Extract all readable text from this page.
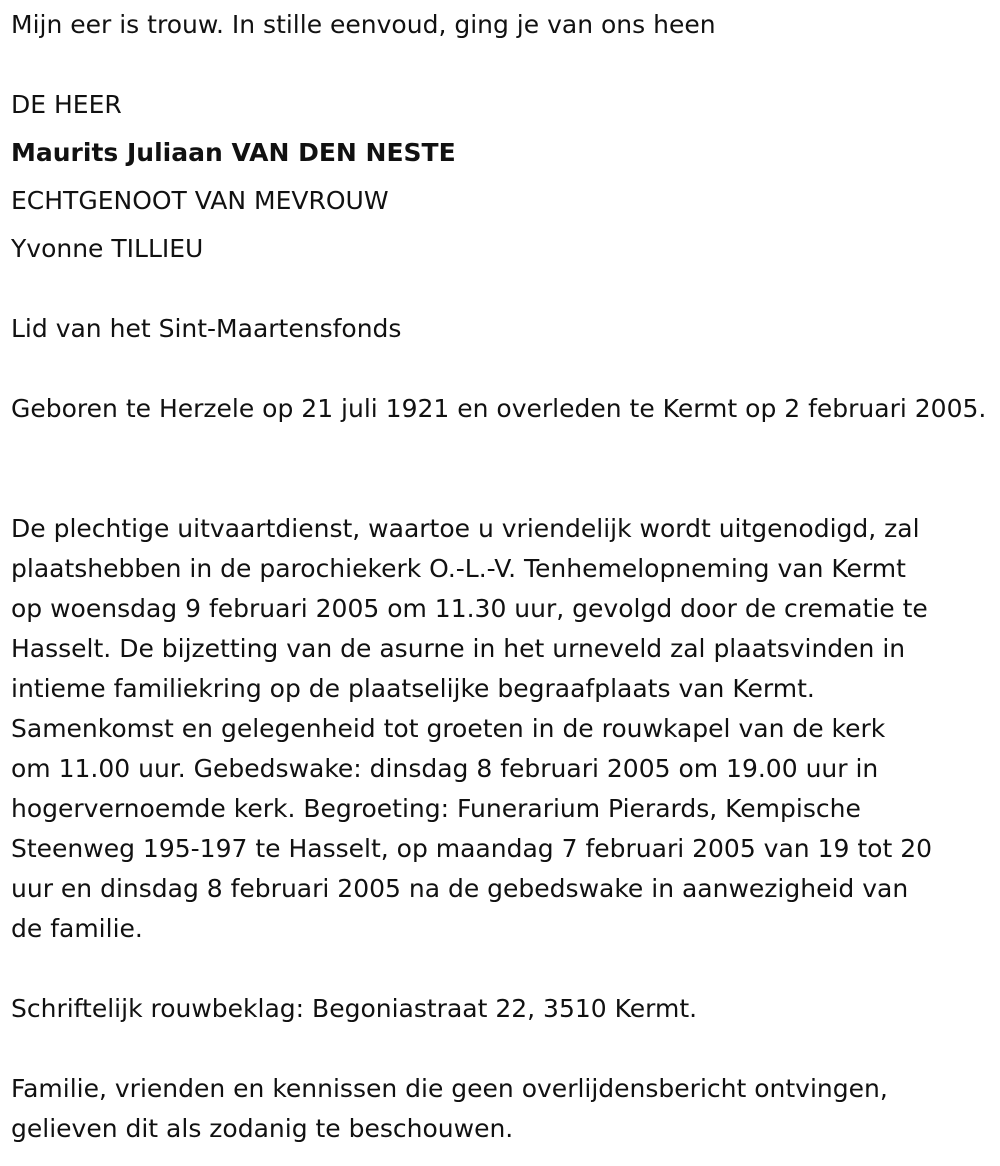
Mijn eer is trouw. In stille eenvoud, ging je van ons heen

DE HEER

Maurits Juliaan VAN DEN NESTE

ECHTGENOOT VAN MEVROUW

Yvonne TILLIEU

Lid van het Sint-Maartensfonds

Geboren te Herzele op 21 juli 1921 en overleden te Kermt op 2 februari 2005.

De plechtige uitvaartdienst, waartoe u vriendelijk wordt uitgenodigd, zal
plaatshebben in de parochiekerk O.-L.-V. Tenhemelopneming van Kermt
op woensdag 9 februari 2005 om 11.30 uur, gevolgd door de crematie te
Hasselt. De bijzetting van de asurne in het urneveld zal plaatsvinden in
intieme familiekring op de plaatselijke begraafplaats van Kermt.
Samenkomst en gelegenheid tot groeten in de rouwkapel van de kerk
om 11.00 uur. Gebedswake: dinsdag 8 februari 2005 om 19.00 uur in
hogervernoemde kerk. Begroeting: Funerarium Pierards, Kempische
Steenweg 195-197 te Hasselt, op maandag 7 februari 2005 van 19 tot 20
uur en dinsdag 8 februari 2005 na de gebedswake in aanwezigheid van
de familie.

Schriftelijk rouwbeklag: Begoniastraat 22, 3510 Kermt.

Familie, vrienden en kennissen die geen overlijdensbericht ontvingen,
gelieven dit als zodanig te beschouwen.
